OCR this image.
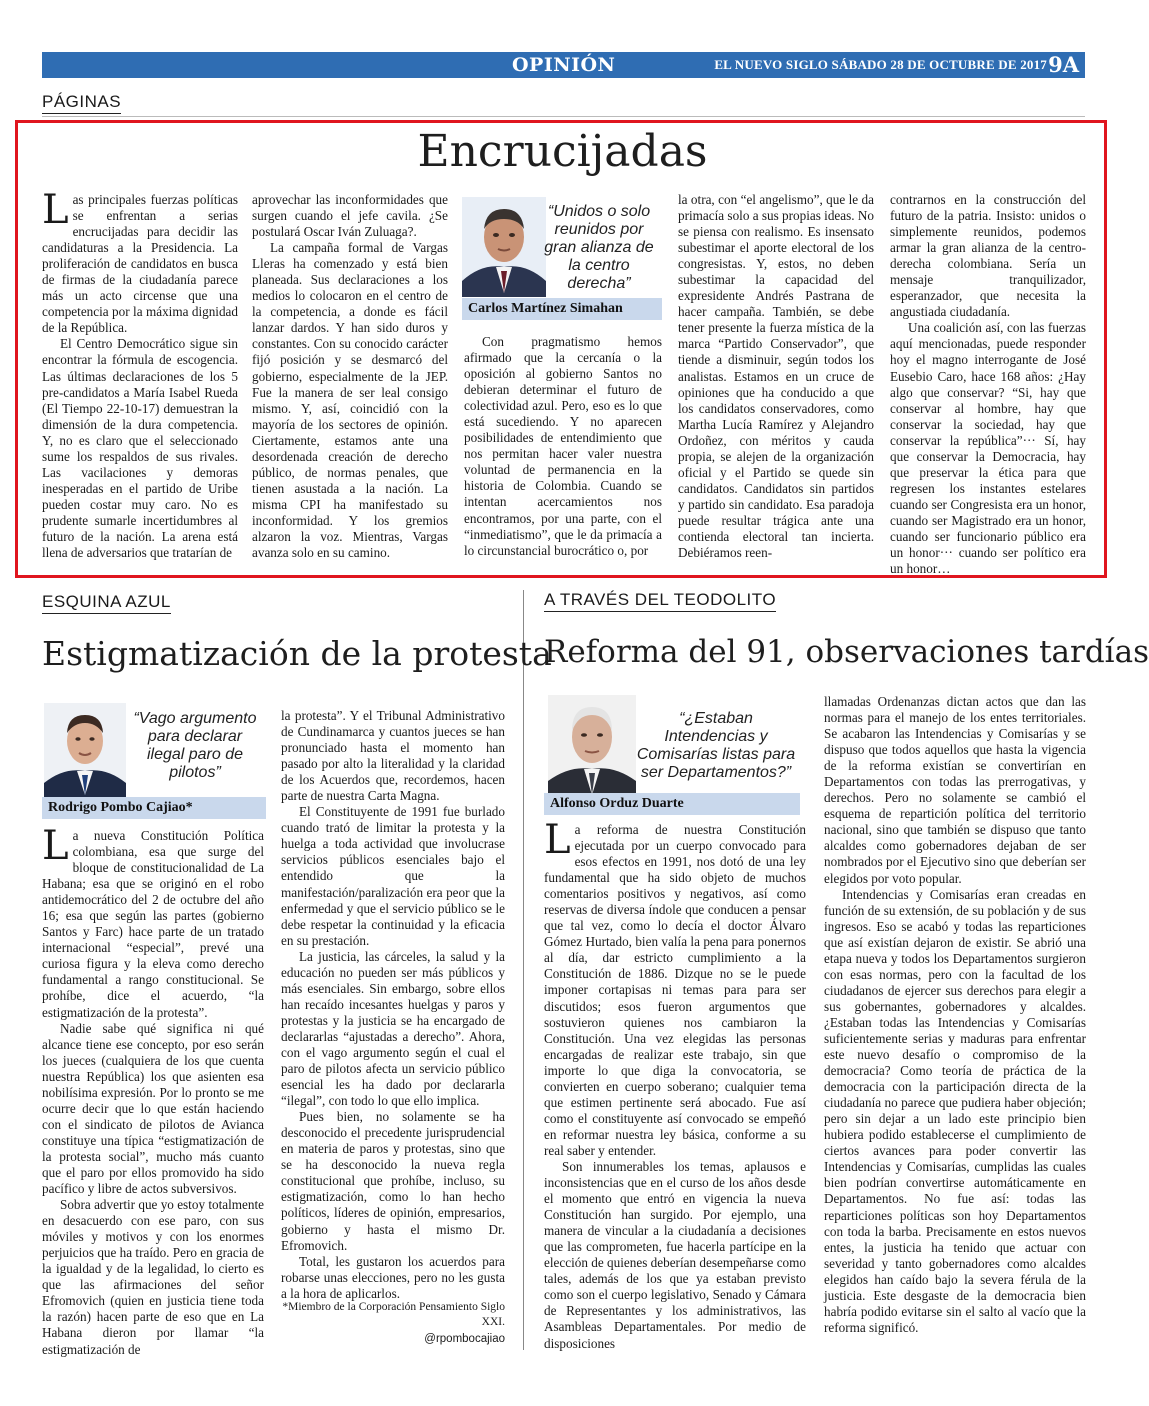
OPINIÓN	EL NUEVO SIGLO SÁBADO 28 DE OCTUBRE DE 2017 9A
PÁGINAS
Encrucijadas

Las principales fuerzas políticas se enfrentan a serias encrucijadas para decidir las candidaturas a la Presidencia. La proliferación de candidatos en busca de firmas de la ciudadanía parece más un acto circense que una competencia por la máxima dignidad de la República.

El Centro Democrático sigue sin encontrar la fórmula de escogencia. Las últimas declaraciones de los 5 pre-candidatos a María Isabel Rueda (El Tiempo 22-10-17) demuestran la dimensión de la dura competencia. Y, no es claro que el seleccionado sume los respaldos de sus rivales. Las vacilaciones y demoras inesperadas en el partido de Uribe pueden costar muy caro. No es prudente sumarle incertidumbres al futuro de la nación. La arena está llena de adversarios que tratarían de

aprovechar las inconformidades que surgen cuando el jefe cavila. ¿Se postulará Oscar Iván Zuluaga?.

La campaña formal de Vargas Lleras ha comenzado y está bien planeada. Sus declaraciones a los medios lo colocaron en el centro de la competencia, a donde es fácil lanzar dardos. Y han sido duros y constantes. Con su conocido carácter fijó posición y se desmarcó del gobierno, especialmente de la JEP. Fue la manera de ser leal consigo mismo. Y, así, coincidió con la mayoría de los sectores de opinión. Ciertamente, estamos ante una desordenada creación de derecho público, de normas penales, que tienen asustada a la nación. La misma CPI ha manifestado su inconformidad. Y los gremios alzaron la voz. Mientras, Vargas avanza solo en su camino.

“Unidos o solo reunidos por gran alianza de la centro derecha”
Carlos Martínez Simahan

Con pragmatismo hemos afirmado que la cercanía o la oposición al gobierno Santos no debieran determinar el futuro de colectividad azul. Pero, eso es lo que está sucediendo. Y no aparecen posibilidades de entendimiento que nos permitan hacer valer nuestra voluntad de permanencia en la historia de Colombia. Cuando se intentan acercamientos nos encontramos, por una parte, con el “inmediatismo”, que le da primacía a lo circunstancial burocrático o, por

la otra, con “el angelismo”, que le da primacía solo a sus propias ideas. No se piensa con realismo. Es insensato subestimar el aporte electoral de los congresistas. Y, estos, no deben subestimar la capacidad del expresidente Andrés Pastrana de hacer campaña. También, se debe tener presente la fuerza mística de la marca “Partido Conservador”, que tiende a disminuir, según todos los analistas. Estamos en un cruce de opiniones que ha conducido a que los candidatos conservadores, como Martha Lucía Ramírez y Alejandro Ordoñez, con méritos y cauda propia, se alejen de la organización oficial y el Partido se quede sin candidatos. Candidatos sin partidos y partido sin candidato. Esa paradoja puede resultar trágica ante una contienda electoral tan incierta. Debiéramos reen-

contrarnos en la construcción del futuro de la patria. Insisto: unidos o simplemente reunidos, podemos armar la gran alianza de la centro-derecha colombiana. Sería un mensaje tranquilizador, esperanzador, que necesita la angustiada ciudadanía.

Una coalición así, con las fuerzas aquí mencionadas, puede responder hoy el magno interrogante de José Eusebio Caro, hace 168 años: ¿Hay algo que conservar? “Si, hay que conservar al hombre, hay que conservar la sociedad, hay que conservar la república”··· Sí, hay que conservar la Democracia, hay que preservar la ética para que regresen los instantes estelares cuando ser Congresista era un honor, cuando ser Magistrado era un honor, cuando ser funcionario público era un honor··· cuando ser político era un honor…

ESQUINA AZUL
Estigmatización de la protesta
“Vago argumento para declarar ilegal paro de pilotos”
Rodrigo Pombo Cajiao*

La nueva Constitución Política colombiana, esa que surge del bloque de constitucionalidad de La Habana; esa que se originó en el robo antidemocrático del 2 de octubre del año 16; esa que según las partes (gobierno Santos y Farc) hace parte de un tratado internacional “especial”, prevé una curiosa figura y la eleva como derecho fundamental a rango constitucional. Se prohíbe, dice el acuerdo, “la estigmatización de la protesta”.

Nadie sabe qué significa ni qué alcance tiene ese concepto, por eso serán los jueces (cualquiera de los que cuenta nuestra República) los que asienten esa nobilísima expresión. Por lo pronto se me ocurre decir que lo que están haciendo con el sindicato de pilotos de Avianca constituye una típica “estigmatización de la protesta social”, mucho más cuanto que el paro por ellos promovido ha sido pacífico y libre de actos subversivos.

Sobra advertir que yo estoy totalmente en desacuerdo con ese paro, con sus móviles y motivos y con los enormes perjuicios que ha traído. Pero en gracia de la igualdad y de la legalidad, lo cierto es que las afirmaciones del señor Efromovich (quien en justicia tiene toda la razón) hacen parte de eso que en La Habana dieron por llamar “la estigmatización de

la protesta”. Y el Tribunal Administrativo de Cundinamarca y cuantos jueces se han pronunciado hasta el momento han pasado por alto la literalidad y la claridad de los Acuerdos que, recordemos, hacen parte de nuestra Carta Magna.

El Constituyente de 1991 fue burlado cuando trató de limitar la protesta y la huelga a toda actividad que involucrase servicios públicos esenciales bajo el entendido que la manifestación/paralización era peor que la enfermedad y que el servicio público se le debe respetar la continuidad y la eficacia en su prestación.

La justicia, las cárceles, la salud y la educación no pueden ser más públicos y más esenciales. Sin embargo, sobre ellos han recaído incesantes huelgas y paros y protestas y la justicia se ha encargado de declararlas “ajustadas a derecho”. Ahora, con el vago argumento según el cual el paro de pilotos afecta un servicio público esencial les ha dado por declararla “ilegal”, con todo lo que ello implica.

Pues bien, no solamente se ha desconocido el precedente jurisprudencial en materia de paros y protestas, sino que se ha desconocido la nueva regla constitucional que prohíbe, incluso, su estigmatización, como lo han hecho políticos, líderes de opinión, empresarios, gobierno y hasta el mismo Dr. Efromovich.

Total, les gustaron los acuerdos para robarse unas elecciones, pero no les gusta a la hora de aplicarlos.

*Miembro de la Corporación Pensamiento Siglo XXI.
@rpombocajiao
A TRAVÉS DEL TEODOLITO
Reforma del 91, observaciones tardías
“¿Estaban Intendencias y Comisarías listas para ser Departamentos?”
Alfonso Orduz Duarte

La reforma de nuestra Constitución ejecutada por un cuerpo convocado para esos efectos en 1991, nos dotó de una ley fundamental que ha sido objeto de muchos comentarios positivos y negativos, así como reservas de diversa índole que conducen a pensar que tal vez, como lo decía el doctor Álvaro Gómez Hurtado, bien valía la pena para ponernos al día, dar estricto cumplimiento a la Constitución de 1886. Dizque no se le puede imponer cortapisas ni temas para para ser discutidos; esos fueron argumentos que sostuvieron quienes nos cambiaron la Constitución. Una vez elegidas las personas encargadas de realizar este trabajo, sin que importe lo que diga la convocatoria, se convierten en cuerpo soberano; cualquier tema que estimen pertinente será abocado. Fue así como el constituyente así convocado se empeñó en reformar nuestra ley básica, conforme a su real saber y entender.

Son innumerables los temas, aplausos e inconsistencias que en el curso de los años desde el momento que entró en vigencia la nueva Constitución han surgido. Por ejemplo, una manera de vincular a la ciudadanía a decisiones que las comprometen, fue hacerla partícipe en la elección de quienes deberían desempeñarse como tales, además de los que ya estaban previsto como son el cuerpo legislativo, Senado y Cámara de Representantes y los administrativos, las Asambleas Departamentales. Por medio de disposiciones

llamadas Ordenanzas dictan actos que dan las normas para el manejo de los entes territoriales. Se acabaron las Intendencias y Comisarías y se dispuso que todos aquellos que hasta la vigencia de la reforma existían se convertirían en Departamentos con todas las prerrogativas, y derechos. Pero no solamente se cambió el esquema de repartición política del territorio nacional, sino que también se dispuso que tanto alcaldes como gobernadores dejaban de ser nombrados por el Ejecutivo sino que deberían ser elegidos por voto popular.

Intendencias y Comisarías eran creadas en función de su extensión, de su población y de sus ingresos. Eso se acabó y todas las reparticiones que así existían dejaron de existir. Se abrió una etapa nueva y todos los Departamentos surgieron con esas normas, pero con la facultad de los ciudadanos de ejercer sus derechos para elegir a sus gobernantes, gobernadores y alcaldes. ¿Estaban todas las Intendencias y Comisarías suficientemente serias y maduras para enfrentar este nuevo desafío o compromiso de la democracia? Como teoría de práctica de la democracia con la participación directa de la ciudadanía no parece que pudiera haber objeción; pero sin dejar a un lado este principio bien hubiera podido establecerse el cumplimiento de ciertos avances para poder convertir las Intendencias y Comisarías, cumplidas las cuales bien podrían convertirse automáticamente en Departamentos. No fue así: todas las reparticiones políticas son hoy Departamentos con toda la barba. Precisamente en estos nuevos entes, la justicia ha tenido que actuar con severidad y tanto gobernadores como alcaldes elegidos han caído bajo la severa férula de la justicia. Este desgaste de la democracia bien habría podido evitarse sin el salto al vacío que la reforma significó.
